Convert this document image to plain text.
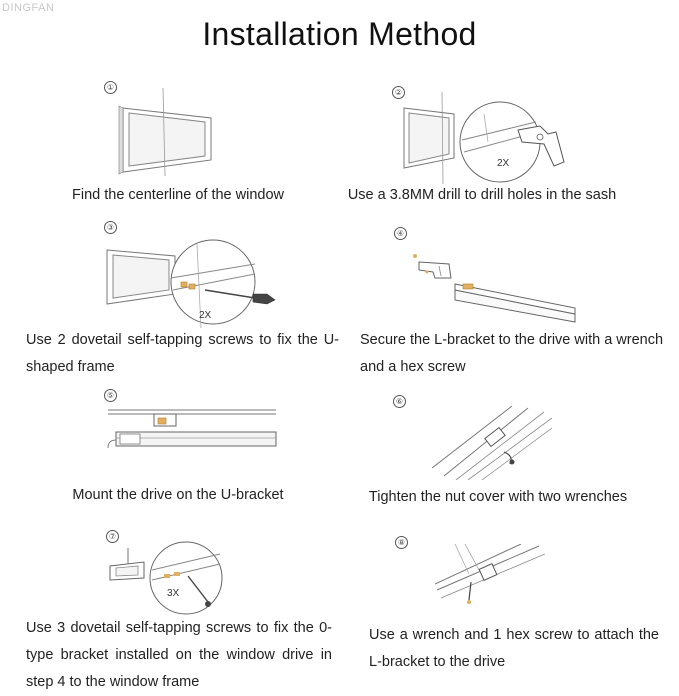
DINGFAN
Installation Method
①
Find the centerline of the window
②
2X
Use a 3.8MM drill to drill holes in the sash
③
2X
Use 2 dovetail self-tapping screws to fix the U-shaped frame
④
Secure the L-bracket to the drive with a wrench and a hex screw
⑤
Mount the drive on the U-bracket
⑥
Tighten the nut cover with two wrenches
⑦
3X
Use 3 dovetail self-tapping screws to fix the 0-type bracket installed on the window drive in step 4 to the window frame
⑧
Use a wrench and 1 hex screw to attach the L-bracket to the drive
